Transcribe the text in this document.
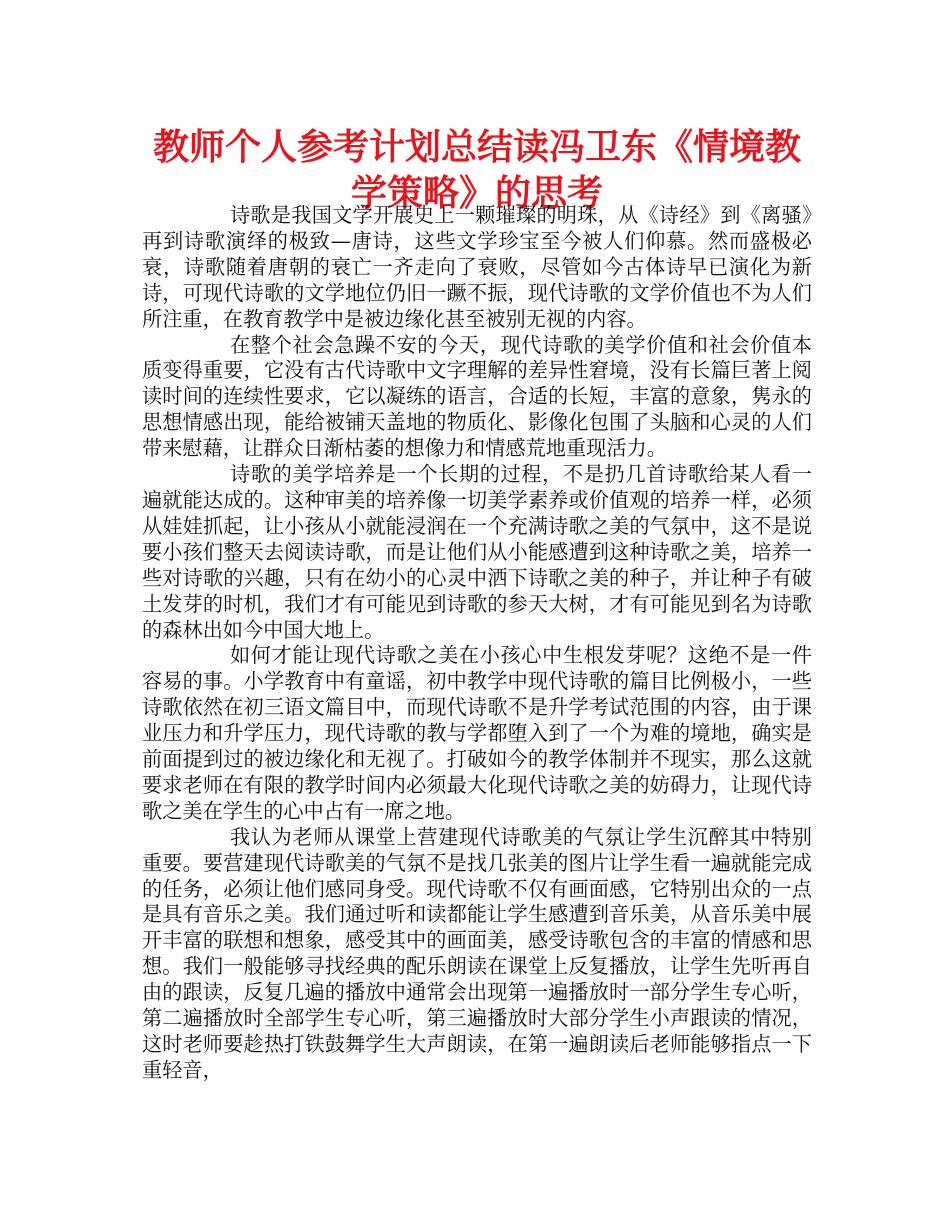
教师个人参考计划总结读冯卫东《情境教学策略》的思考

诗歌是我国文学开展史上一颗璀璨的明珠，从《诗经》到《离骚》再到诗歌演绎的极致—唐诗，这些文学珍宝至今被人们仰慕。然而盛极必衰，诗歌随着唐朝的衰亡一齐走向了衰败，尽管如今古体诗早已演化为新诗，可现代诗歌的文学地位仍旧一蹶不振，现代诗歌的文学价值也不为人们所注重，在教育教学中是被边缘化甚至被别无视的内容。

在整个社会急躁不安的今天，现代诗歌的美学价值和社会价值本质变得重要，它没有古代诗歌中文字理解的差异性窘境，没有长篇巨著上阅读时间的连续性要求，它以凝练的语言，合适的长短，丰富的意象，隽永的思想情感出现，能给被铺天盖地的物质化、影像化包围了头脑和心灵的人们带来慰藉，让群众日渐枯萎的想像力和情感荒地重现活力。

诗歌的美学培养是一个长期的过程，不是扔几首诗歌给某人看一遍就能达成的。这种审美的培养像一切美学素养或价值观的培养一样，必须从娃娃抓起，让小孩从小就能浸润在一个充满诗歌之美的气氛中，这不是说要小孩们整天去阅读诗歌，而是让他们从小能感遭到这种诗歌之美，培养一些对诗歌的兴趣，只有在幼小的心灵中洒下诗歌之美的种子，并让种子有破土发芽的时机，我们才有可能见到诗歌的参天大树，才有可能见到名为诗歌的森林出如今中国大地上。

如何才能让现代诗歌之美在小孩心中生根发芽呢？这绝不是一件容易的事。小学教育中有童谣，初中教学中现代诗歌的篇目比例极小，一些诗歌依然在初三语文篇目中，而现代诗歌不是升学考试范围的内容，由于课业压力和升学压力，现代诗歌的教与学都堕入到了一个为难的境地，确实是前面提到过的被边缘化和无视了。打破如今的教学体制并不现实，那么这就要求老师在有限的教学时间内必须最大化现代诗歌之美的妨碍力，让现代诗歌之美在学生的心中占有一席之地。

我认为老师从课堂上营建现代诗歌美的气氛让学生沉醉其中特别重要。要营建现代诗歌美的气氛不是找几张美的图片让学生看一遍就能完成的任务，必须让他们感同身受。现代诗歌不仅有画面感，它特别出众的一点是具有音乐之美。我们通过听和读都能让学生感遭到音乐美，从音乐美中展开丰富的联想和想象，感受其中的画面美，感受诗歌包含的丰富的情感和思想。我们一般能够寻找经典的配乐朗读在课堂上反复播放，让学生先听再自由的跟读，反复几遍的播放中通常会出现第一遍播放时一部分学生专心听，第二遍播放时全部学生专心听，第三遍播放时大部分学生小声跟读的情况，这时老师要趁热打铁鼓舞学生大声朗读，在第一遍朗读后老师能够指点一下重轻音，
